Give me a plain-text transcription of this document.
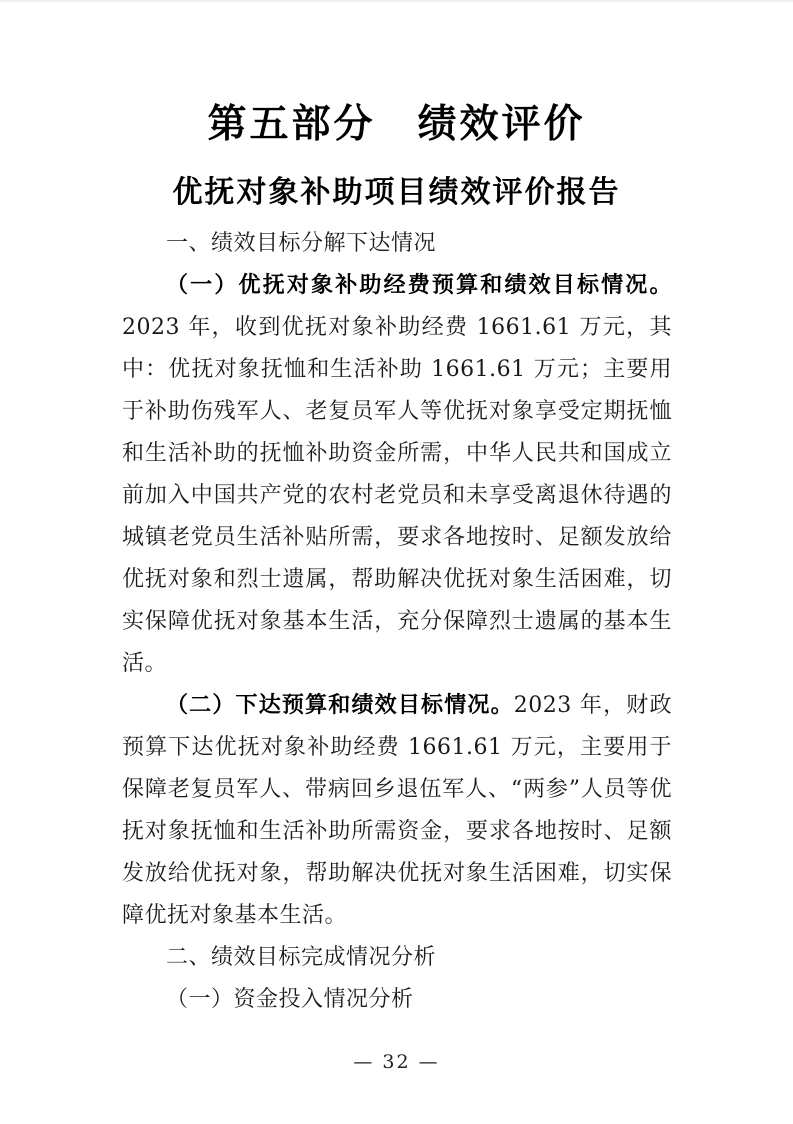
第五部分　绩效评价
优抚对象补助项目绩效评价报告

一、绩效目标分解下达情况

（一）优抚对象补助经费预算和绩效目标情况。2023 年，收到优抚对象补助经费 1661.61 万元，其中：优抚对象抚恤和生活补助 1661.61 万元；主要用于补助伤残军人、老复员军人等优抚对象享受定期抚恤和生活补助的抚恤补助资金所需，中华人民共和国成立前加入中国共产党的农村老党员和未享受离退休待遇的城镇老党员生活补贴所需，要求各地按时、足额发放给优抚对象和烈士遗属，帮助解决优抚对象生活困难，切实保障优抚对象基本生活，充分保障烈士遗属的基本生活。

（二）下达预算和绩效目标情况。2023 年，财政预算下达优抚对象补助经费 1661.61 万元，主要用于保障老复员军人、带病回乡退伍军人、“两参”人员等优抚对象抚恤和生活补助所需资金，要求各地按时、足额发放给优抚对象，帮助解决优抚对象生活困难，切实保障优抚对象基本生活。

二、绩效目标完成情况分析

（一）资金投入情况分析

— 32 —
